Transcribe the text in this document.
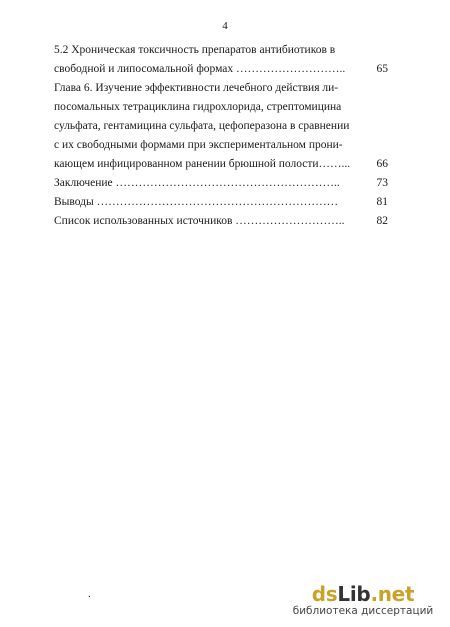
4
5.2 Хроническая токсичность препаратов антибиотиков в
свободной и липосомальной формах ………………………..	65
Глава 6. Изучение эффективности лечебного действия ли-
посомальных тетрациклина гидрохлорида, стрептомицина
сульфата, гентамицина сульфата, цефоперазона в сравнении
с их свободными формами при экспериментальном прони-
кающем инфицированном ранении брюшной полости……...	66
Заключение …………………………………………………..	73
Выводы ………………………………………………………	81
Список использованных источников ………………………..	82
.	dsLib.net
библиотека диссертаций
